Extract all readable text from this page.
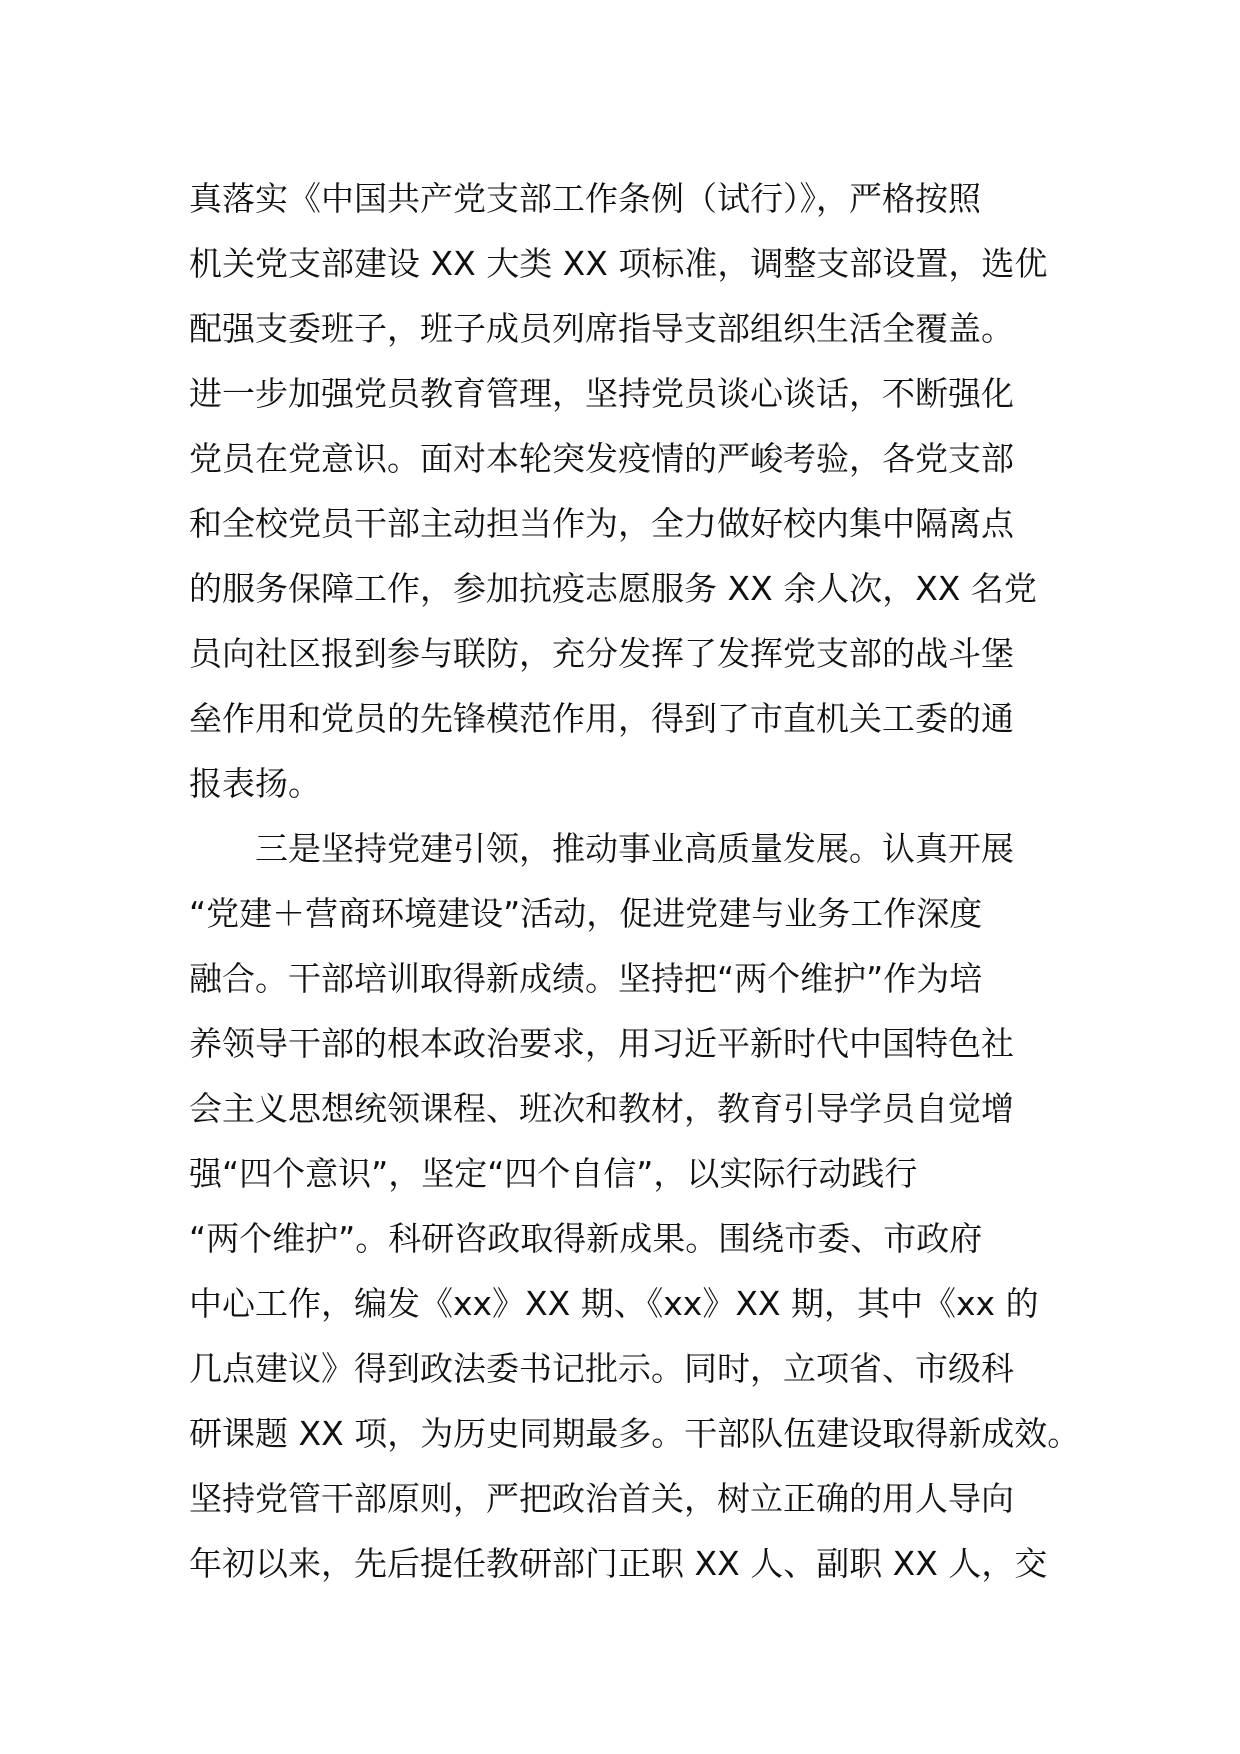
真落实《中国共产党支部工作条例（试行）》，严格按照
机关党支部建设 XX 大类 XX 项标准，调整支部设置，选优
配强支委班子，班子成员列席指导支部组织生活全覆盖。
进一步加强党员教育管理，坚持党员谈心谈话，不断强化
党员在党意识。面对本轮突发疫情的严峻考验，各党支部
和全校党员干部主动担当作为，全力做好校内集中隔离点
的服务保障工作，参加抗疫志愿服务 XX 余人次，XX 名党
员向社区报到参与联防，充分发挥了发挥党支部的战斗堡
垒作用和党员的先锋模范作用，得到了市直机关工委的通
报表扬。
　　三是坚持党建引领，推动事业高质量发展。认真开展
“党建＋营商环境建设”活动，促进党建与业务工作深度
融合。干部培训取得新成绩。坚持把“两个维护”作为培
养领导干部的根本政治要求，用习近平新时代中国特色社
会主义思想统领课程、班次和教材，教育引导学员自觉增
强“四个意识”，坚定“四个自信”，以实际行动践行
“两个维护”。科研咨政取得新成果。围绕市委、市政府
中心工作，编发《xx》XX 期、《xx》XX 期，其中《xx 的
几点建议》得到政法委书记批示。同时，立项省、市级科
研课题 XX 项，为历史同期最多。干部队伍建设取得新成效。
坚持党管干部原则，严把政治首关，树立正确的用人导向
年初以来，先后提任教研部门正职 XX 人、副职 XX 人，交
